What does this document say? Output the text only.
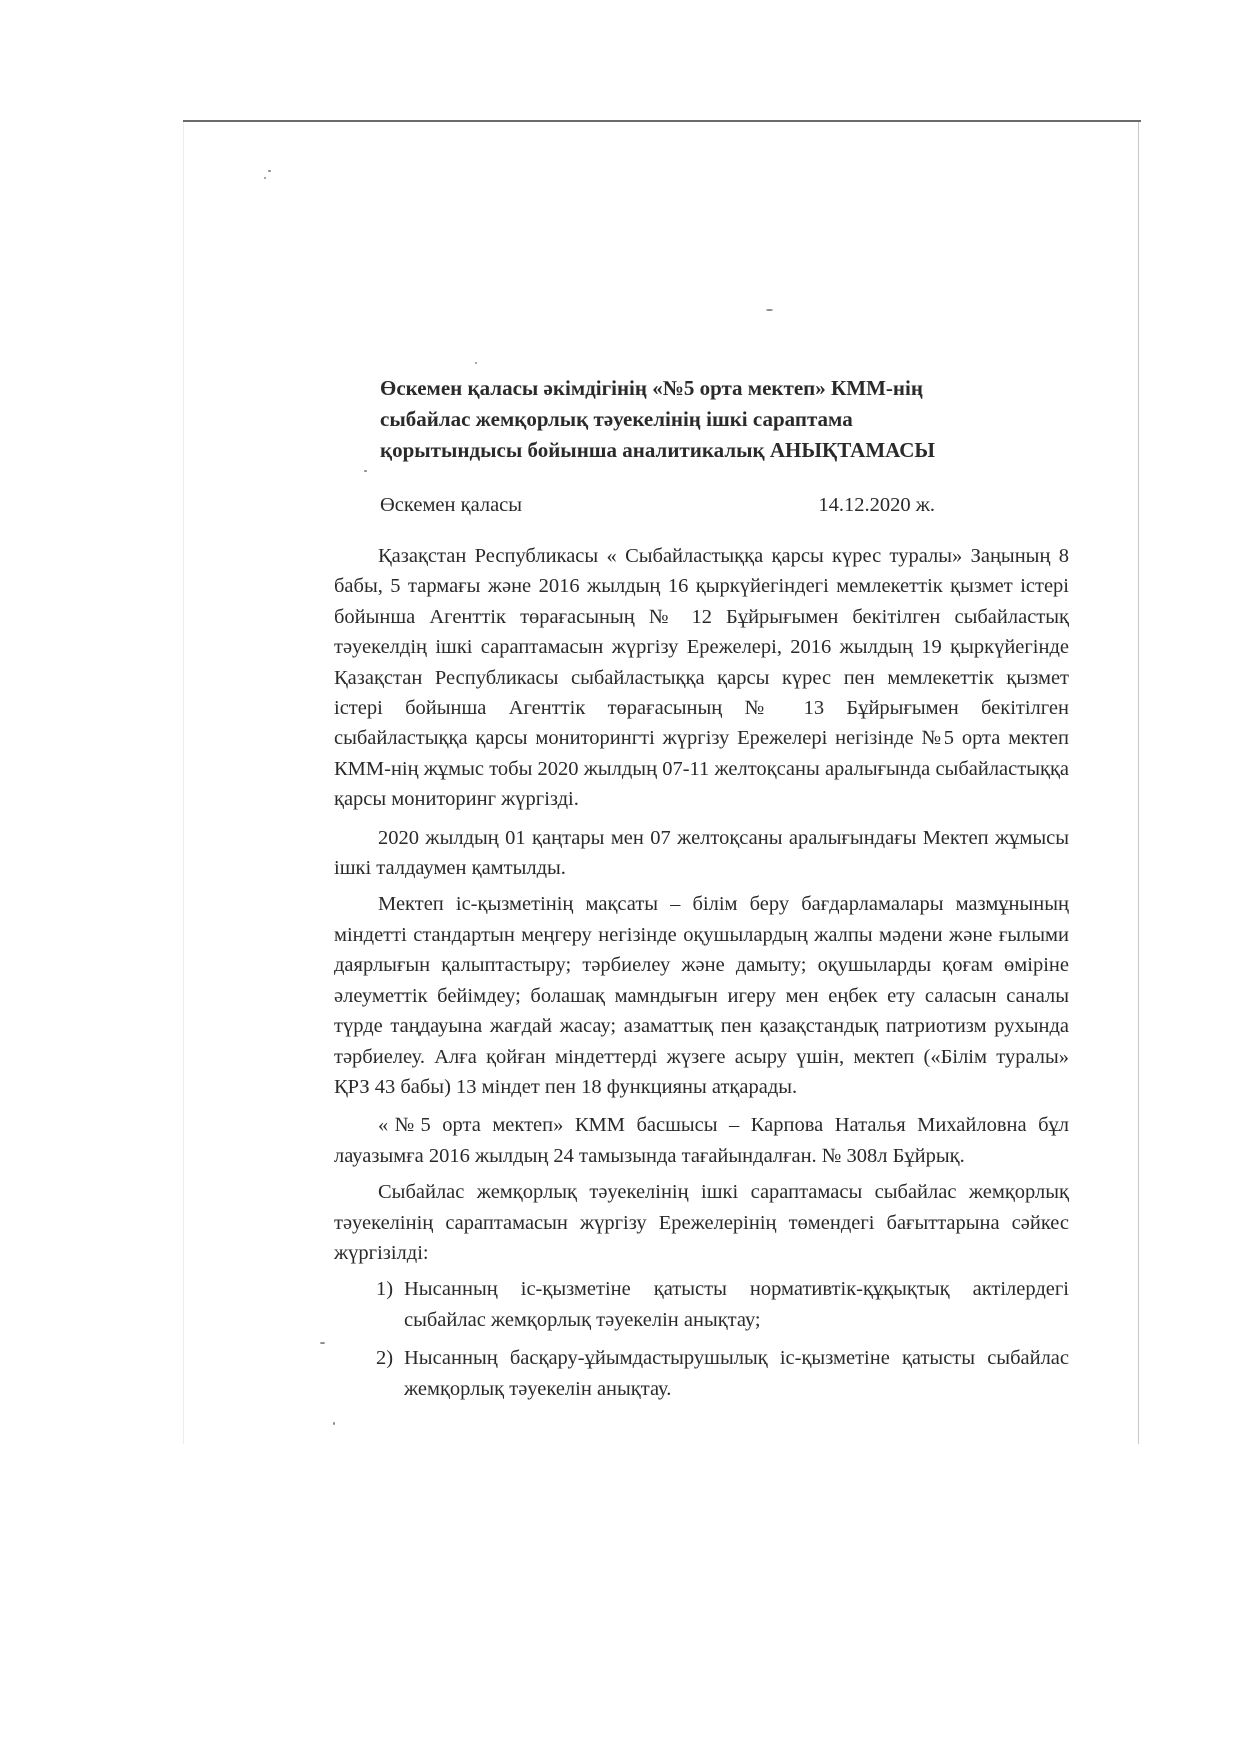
Өскемен қаласы әкімдігінің «№5 орта мектеп» КММ-нің
сыбайлас жемқорлық тәуекелінің ішкі сараптама
қорытындысы бойынша аналитикалық АНЫҚТАМАСЫ
Өскемен қаласы	14.12.2020 ж.

Қазақстан Республикасы « Сыбайластыққа қарсы күрес туралы» Заңының 8 бабы, 5 тармағы және 2016 жылдың 16 қыркүйегіндегі мемлекеттік қызмет істері бойынша Агенттік төрағасының № 12 Бұйрығымен бекітілген сыбайластық тәуекелдің ішкі сараптамасын жүргізу Ережелері, 2016 жылдың 19 қыркүйегінде Қазақстан Республикасы сыбайластыққа қарсы күрес пен мемлекеттік қызмет істері бойынша Агенттік төрағасының № 13 Бұйрығымен бекітілген сыбайластыққа қарсы мониторингті жүргізу Ережелері негізінде №5 орта мектеп КММ-нің жұмыс тобы 2020 жылдың 07-11 желтоқсаны аралығында сыбайластыққа қарсы мониторинг жүргізді.

2020 жылдың 01 қаңтары мен 07 желтоқсаны аралығындағы Мектеп жұмысы ішкі талдаумен қамтылды.

Мектеп іс-қызметінің мақсаты – білім беру бағдарламалары мазмұнының міндетті стандартын меңгеру негізінде оқушылардың жалпы мәдени және ғылыми даярлығын қалыптастыру; тәрбиелеу және дамыту; оқушыларды қоғам өміріне әлеуметтік бейімдеу; болашақ мамндығын игеру мен еңбек ету саласын саналы түрде таңдауына жағдай жасау; азаматтық пен қазақстандық патриотизм рухында тәрбиелеу. Алға қойған міндеттерді жүзеге асыру үшін, мектеп («Білім туралы» ҚРЗ 43 бабы) 13 міндет пен 18 функцияны атқарады.

«№5 орта мектеп» КММ басшысы – Карпова Наталья Михайловна бұл лауазымға 2016 жылдың 24 тамызында тағайындалған. № 308л Бұйрық.

Сыбайлас жемқорлық тәуекелінің ішкі сараптамасы сыбайлас жемқорлық тәуекелінің сараптамасын жүргізу Ережелерінің төмендегі бағыттарына сәйкес жүргізілді:

1) Нысанның іс-қызметіне қатысты нормативтік-құқықтық актілердегі сыбайлас жемқорлық тәуекелін анықтау;
2) Нысанның басқару-ұйымдастырушылық іс-қызметіне қатысты сыбайлас жемқорлық тәуекелін анықтау.
